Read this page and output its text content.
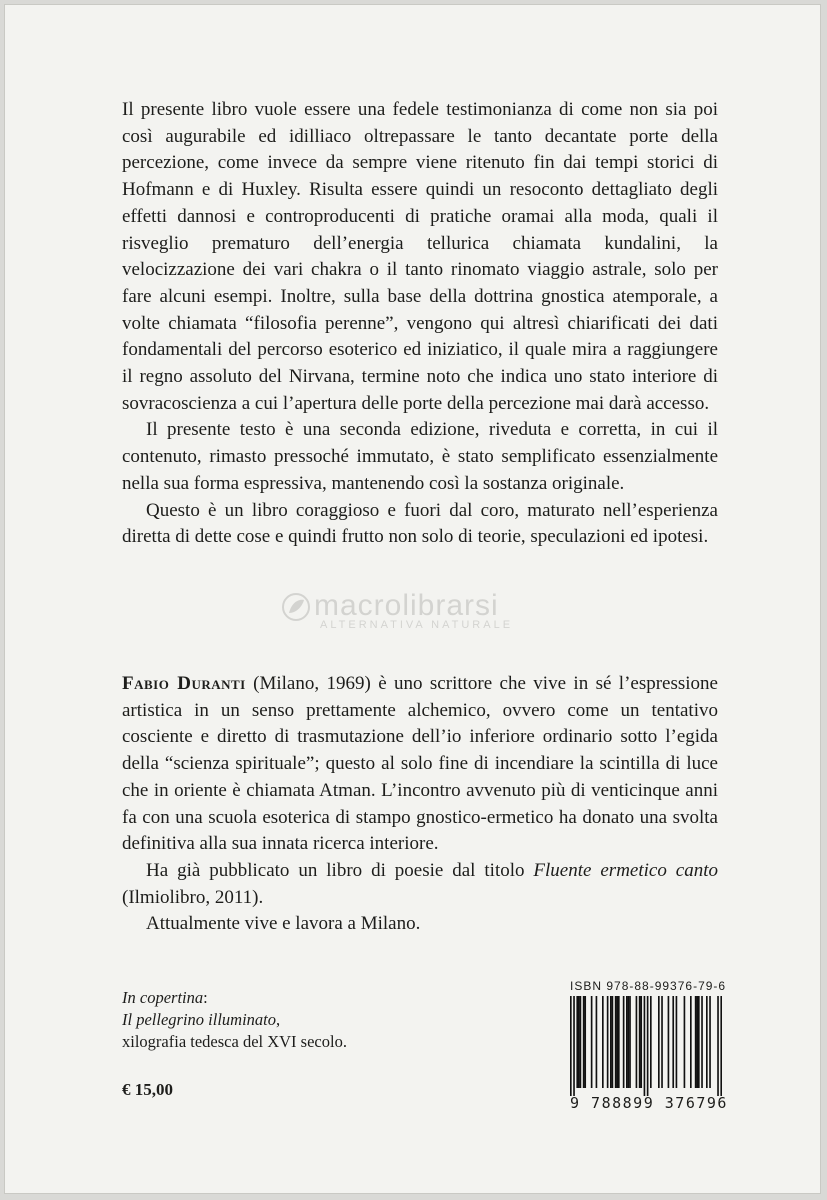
Il presente libro vuole essere una fedele testimonianza di come non sia poi così augurabile ed idilliaco oltrepassare le tanto decantate porte della percezione, come invece da sempre viene ritenuto fin dai tempi storici di Hofmann e di Huxley. Risulta essere quindi un resoconto dettagliato degli effetti dannosi e controproducenti di pratiche oramai alla moda, quali il risveglio prematuro dell’energia tellurica chiamata kundalini, la velocizzazione dei vari chakra o il tanto rinomato viaggio astrale, solo per fare alcuni esempi. Inoltre, sulla base della dottrina gnostica atemporale, a volte chiamata “filosofia perenne”, vengono qui altresì chiarificati dei dati fondamentali del percorso esoterico ed iniziatico, il quale mira a raggiungere il regno assoluto del Nirvana, termine noto che indica uno stato interiore di sovracoscienza a cui l’apertura delle porte della percezione mai darà accesso.

Il presente testo è una seconda edizione, riveduta e corretta, in cui il contenuto, rimasto pressoché immutato, è stato semplificato essenzialmente nella sua forma espressiva, mantenendo così la sostanza originale.

Questo è un libro coraggioso e fuori dal coro, maturato nell’esperienza diretta di dette cose e quindi frutto non solo di teorie, speculazioni ed ipotesi.

macrolibrarsi
ALTERNATIVA NATURALE

Fabio Duranti (Milano, 1969) è uno scrittore che vive in sé l’espressione artistica in un senso prettamente alchemico, ovvero come un tentativo cosciente e diretto di trasmutazione dell’io inferiore ordinario sotto l’egida della “scienza spirituale”; questo al solo fine di incendiare la scintilla di luce che in oriente è chiamata Atman. L’incontro avvenuto più di venticinque anni fa con una scuola esoterica di stampo gnostico-ermetico ha donato una svolta definitiva alla sua innata ricerca interiore.

Ha già pubblicato un libro di poesie dal titolo Fluente ermetico canto (Ilmiolibro, 2011).

Attualmente vive e lavora a Milano.

In copertina:
Il pellegrino illuminato,
xilografia tedesca del XVI secolo.
€ 15,00
ISBN 978-88-99376-79-6
9 788899 376796
